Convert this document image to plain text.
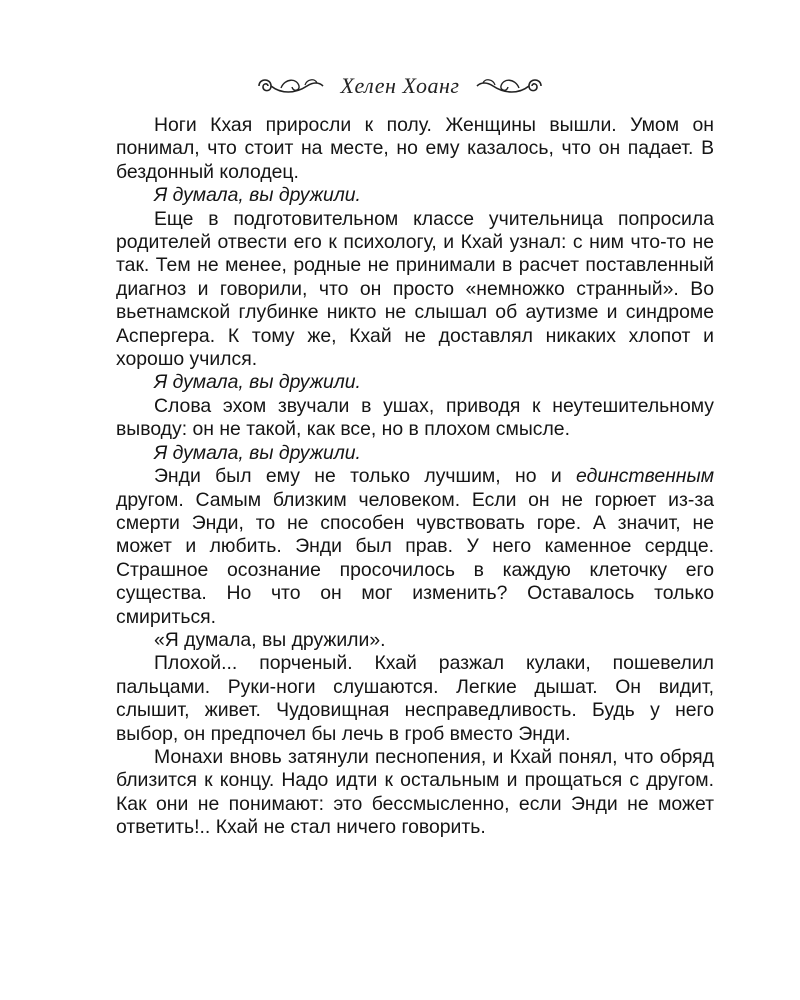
Хелен Хоанг

Ноги Кхая приросли к полу. Женщины вышли. Умом он понимал, что стоит на месте, но ему казалось, что он падает. В бездонный колодец.

Я думала, вы дружили.

Еще в подготовительном классе учительница попросила родителей отвести его к психологу, и Кхай узнал: с ним что-то не так. Тем не менее, родные не принимали в расчет поставленный диагноз и говорили, что он просто «немножко странный». Во вьетнамской глубинке никто не слышал об аутизме и синдроме Аспергера. К тому же, Кхай не доставлял никаких хлопот и хорошо учился.

Я думала, вы дружили.

Слова эхом звучали в ушах, приводя к неутешительному выводу: он не такой, как все, но в плохом смысле.

Я думала, вы дружили.

Энди был ему не только лучшим, но и единственным другом. Самым близким человеком. Если он не горюет из-за смерти Энди, то не способен чувствовать горе. А значит, не может и любить. Энди был прав. У него каменное сердце. Страшное осознание просочилось в каждую клеточку его существа. Но что он мог изменить? Оставалось только смириться.

«Я думала, вы дружили».

Плохой... порченый. Кхай разжал кулаки, пошевелил пальцами. Руки-ноги слушаются. Легкие дышат. Он видит, слышит, живет. Чудовищная несправедливость. Будь у него выбор, он предпочел бы лечь в гроб вместо Энди.

Монахи вновь затянули песнопения, и Кхай понял, что обряд близится к концу. Надо идти к остальным и прощаться с другом. Как они не понимают: это бессмысленно, если Энди не может ответить!.. Кхай не стал ничего говорить.
